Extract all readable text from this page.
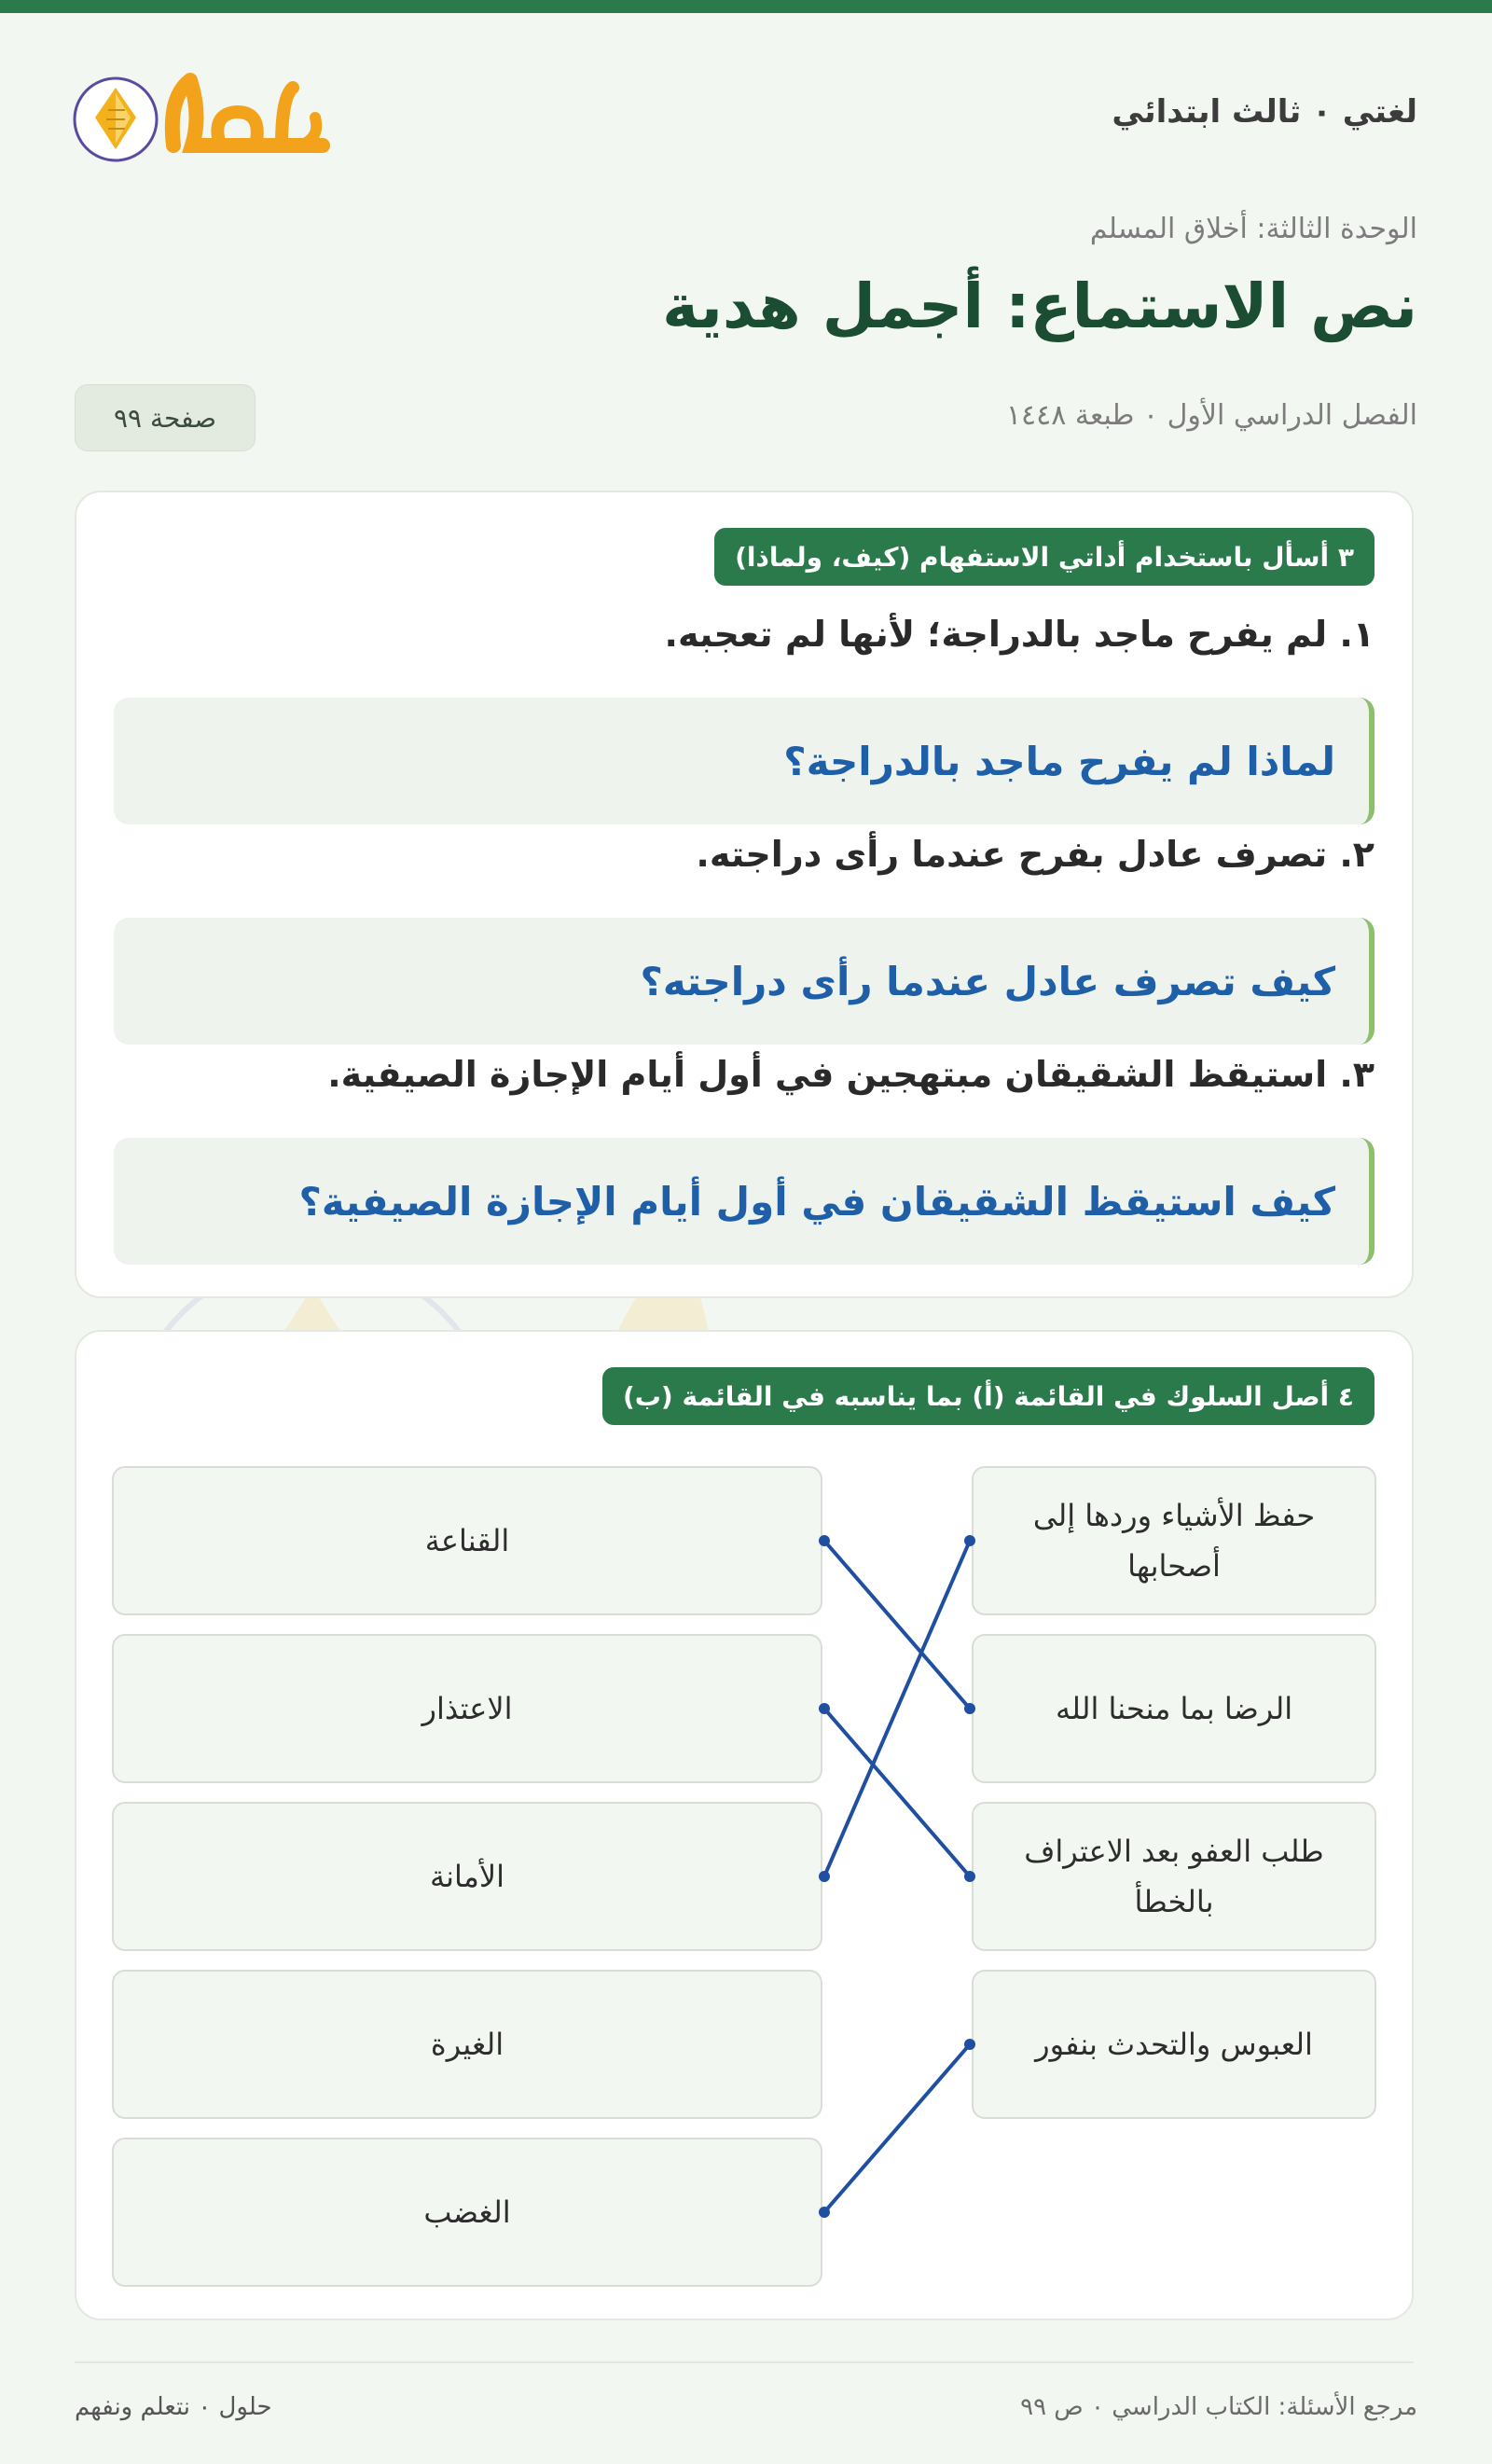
لغتي ٠ ثالث ابتدائي
الوحدة الثالثة: أخلاق المسلم
نص الاستماع: أجمل هدية
الفصل الدراسي الأول ٠ طبعة ١٤٤٨
صفحة ٩٩
٣ أسأل باستخدام أداتي الاستفهام (كيف، ولماذا)
١. لم يفرح ماجد بالدراجة؛ لأنها لم تعجبه.
لماذا لم يفرح ماجد بالدراجة؟
٢. تصرف عادل بفرح عندما رأى دراجته.
كيف تصرف عادل عندما رأى دراجته؟
٣. استيقظ الشقيقان مبتهجين في أول أيام الإجازة الصيفية.
كيف استيقظ الشقيقان في أول أيام الإجازة الصيفية؟
٤ أصل السلوك في القائمة (أ) بما يناسبه في القائمة (ب)
حفظ الأشياء وردها إلى أصحابها
الرضا بما منحنا الله
طلب العفو بعد الاعتراف بالخطأ
العبوس والتحدث بنفور
القناعة
الاعتذار
الأمانة
الغيرة
الغضب
مرجع الأسئلة: الكتاب الدراسي ٠ ص ٩٩
حلول ٠ نتعلم ونفهم
